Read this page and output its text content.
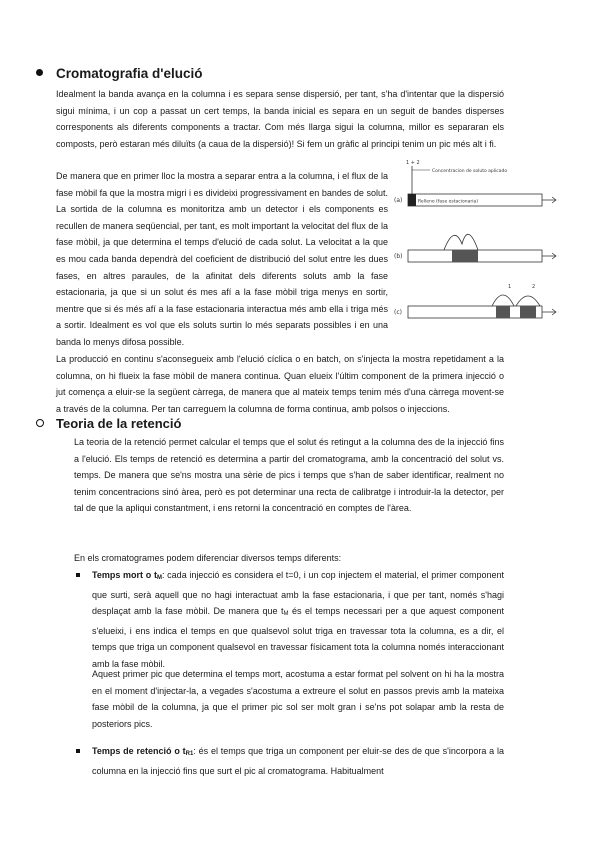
Cromatografia d'elució

Idealment la banda avança en la columna i es separa sense dispersió, per tant, s'ha d'intentar que la dispersió sigui mínima, i un cop a passat un cert temps, la banda inicial es separa en un seguit de bandes disperses corresponents als diferents components a tractar. Com més llarga sigui la columna, millor es separaran els composts, però estaran més diluïts (a caua de la dispersió)! Si fem un gràfic al principi tenim un pic més alt i fi.

De manera que en primer lloc la mostra a separar entra a la columna, i el flux de la fase mòbil fa que la mostra migri i es divideixi progressivament en bandes de solut. La sortida de la columna es monitoritza amb un detector i els components es recullen de manera seqüencial, per tant, es molt important la velocitat del flux de la fase mòbil, ja que determina el temps d'elució de cada solut. La velocitat a la que es mou cada banda dependrà del coeficient de distribució del solut entre les dues fases, en altres paraules, de la afinitat dels diferents soluts amb la fase estacionaria, ja que si un solut és mes afí a la fase mòbil triga menys en sortir, mentre que si és més afí a la fase estacionaria interactua més amb ella i triga més a sortir. Idealment es vol que els soluts surtin lo més separats possibles i en una banda lo menys difosa possible.

(a)
1 + 2
Concentracion de soluto aplicado
Relleno (fase estacionaria)
(b)
(c)
1	2

La producció en continu s'aconsegueix amb l'elució cíclica o en batch, on s'injecta la mostra repetidament a la columna, on hi flueix la fase mòbil de manera continua. Quan elueix l'últim component de la primera injecció o jut comença a eluir-se la següent càrrega, de manera que al mateix temps tenim més d'una càrrega movent-se a través de la columna. Per tan carreguem la columna de forma continua, amb polsos o injeccions.

Teoria de la retenció

La teoria de la retenció permet calcular el temps que el solut és retingut a la columna des de la injecció fins a l'elució. Els temps de retenció es determina a partir del cromatograma, amb la concentració del solut vs. temps. De manera que se'ns mostra una sèrie de pics i temps que s'han de saber identificar, realment no tenim concentracions sinó àrea, però es pot determinar una recta de calibratge i introduir-la la detector, per tal de que la apliqui constantment, i ens retorni la concentració en comptes de l'àrea.

En els cromatogrames podem diferenciar diversos temps diferents:

Temps mort o $t_M$: cada injecció es considera el t=0, i un cop injectem el material, el primer component que surti, serà aquell que no hagi interactuat amb la fase estacionaria, i que per tant, només s'hagi desplaçat amb la fase mòbil. De manera que $t_M$ és el temps necessari per a que aquest component s'elueixi, i ens indica el temps en que qualsevol solut triga en travessar tota la columna, es a dir, el temps que triga un component qualsevol en travessar físicament tota la columna només interaccionant amb la fase mòbil.

Aquest primer pic que determina el temps mort, acostuma a estar format pel solvent on hi ha la mostra en el moment d'injectar-la, a vegades s'acostuma a extreure el solut en passos previs amb la mateixa fase mòbil de la columna, ja que el primer pic sol ser molt gran i se'ns pot solapar amb la resta de posteriors pics.

Temps de retenció o $t_{R1}$: és el temps que triga un component per eluir-se des de que s'incorpora a la columna en la injecció fins que surt el pic al cromatograma. Habitualment
